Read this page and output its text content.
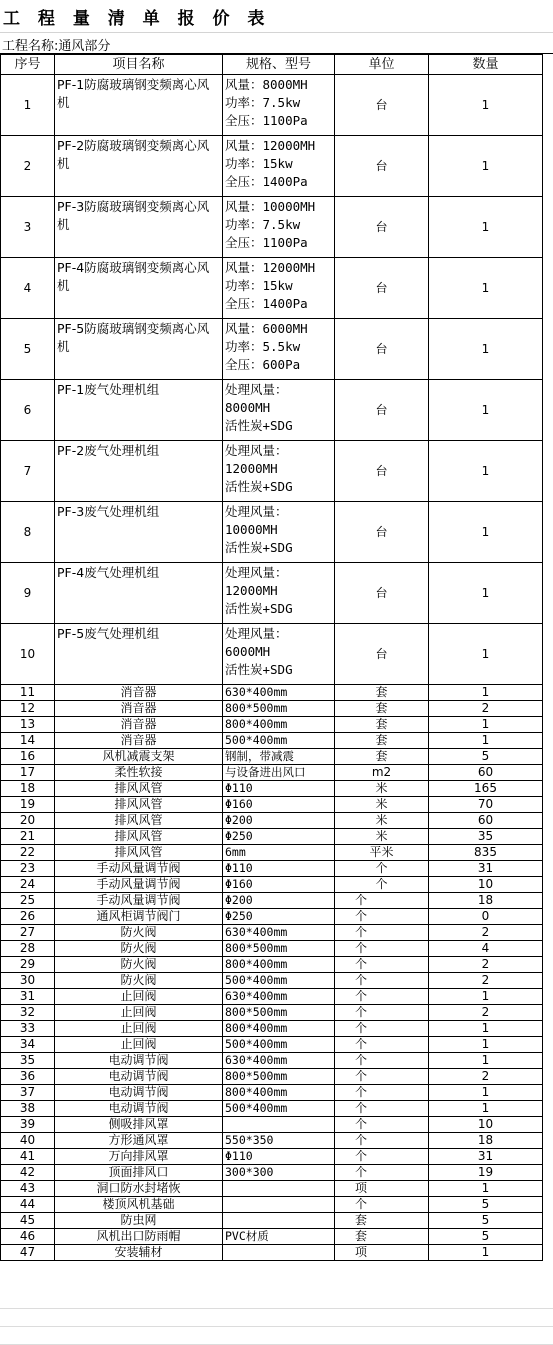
工 程 量 清 单 报 价 表
工程名称:通风部分
序号	项目名称	规格、型号	单位	数量
1	PF-1防腐玻璃钢变频离心风机	风量：8000MH
功率：7.5kw
全压：1100Pa	台	1
2	PF-2防腐玻璃钢变频离心风机	风量：12000MH
功率：15kw
全压：1400Pa	台	1
3	PF-3防腐玻璃钢变频离心风机	风量：10000MH
功率：7.5kw
全压：1100Pa	台	1
4	PF-4防腐玻璃钢变频离心风机	风量：12000MH
功率：15kw
全压：1400Pa	台	1
5	PF-5防腐玻璃钢变频离心风机	风量：6000MH
功率：5.5kw
全压：600Pa	台	1
6	PF-1废气处理机组	处理风量：
8000MH
活性炭+SDG	台	1
7	PF-2废气处理机组	处理风量：
12000MH
活性炭+SDG	台	1
8	PF-3废气处理机组	处理风量：
10000MH
活性炭+SDG	台	1
9	PF-4废气处理机组	处理风量：
12000MH
活性炭+SDG	台	1
10	PF-5废气处理机组	处理风量：
6000MH
活性炭+SDG	台	1
11	消音器	630*400mm	套	1
12	消音器	800*500mm	套	2
13	消音器	800*400mm	套	1
14	消音器	500*400mm	套	1
16	风机减震支架	钢制，带减震	套	5
17	柔性软接	与设备进出风口	m2	60
18	排风风管	Φ110	米	165
19	排风风管	Φ160	米	70
20	排风风管	Φ200	米	60
21	排风风管	Φ250	米	35
22	排风风管	6mm	平米	835
23	手动风量调节阀	Φ110	个	31
24	手动风量调节阀	Φ160	个	10
25	手动风量调节阀	Φ200	个	18
26	通风柜调节阀门	Φ250	个	0
27	防火阀	630*400mm	个	2
28	防火阀	800*500mm	个	4
29	防火阀	800*400mm	个	2
30	防火阀	500*400mm	个	2
31	止回阀	630*400mm	个	1
32	止回阀	800*500mm	个	2
33	止回阀	800*400mm	个	1
34	止回阀	500*400mm	个	1
35	电动调节阀	630*400mm	个	1
36	电动调节阀	800*500mm	个	2
37	电动调节阀	800*400mm	个	1
38	电动调节阀	500*400mm	个	1
39	侧吸排风罩		个	10
40	方形通风罩	550*350	个	18
41	万向排风罩	Φ110	个	31
42	顶面排风口	300*300	个	19
43	洞口防水封堵恢		项	1
44	楼顶风机基础		个	5
45	防虫网		套	5
46	风机出口防雨帽	PVC材质	套	5
47	安装辅材		项	1
